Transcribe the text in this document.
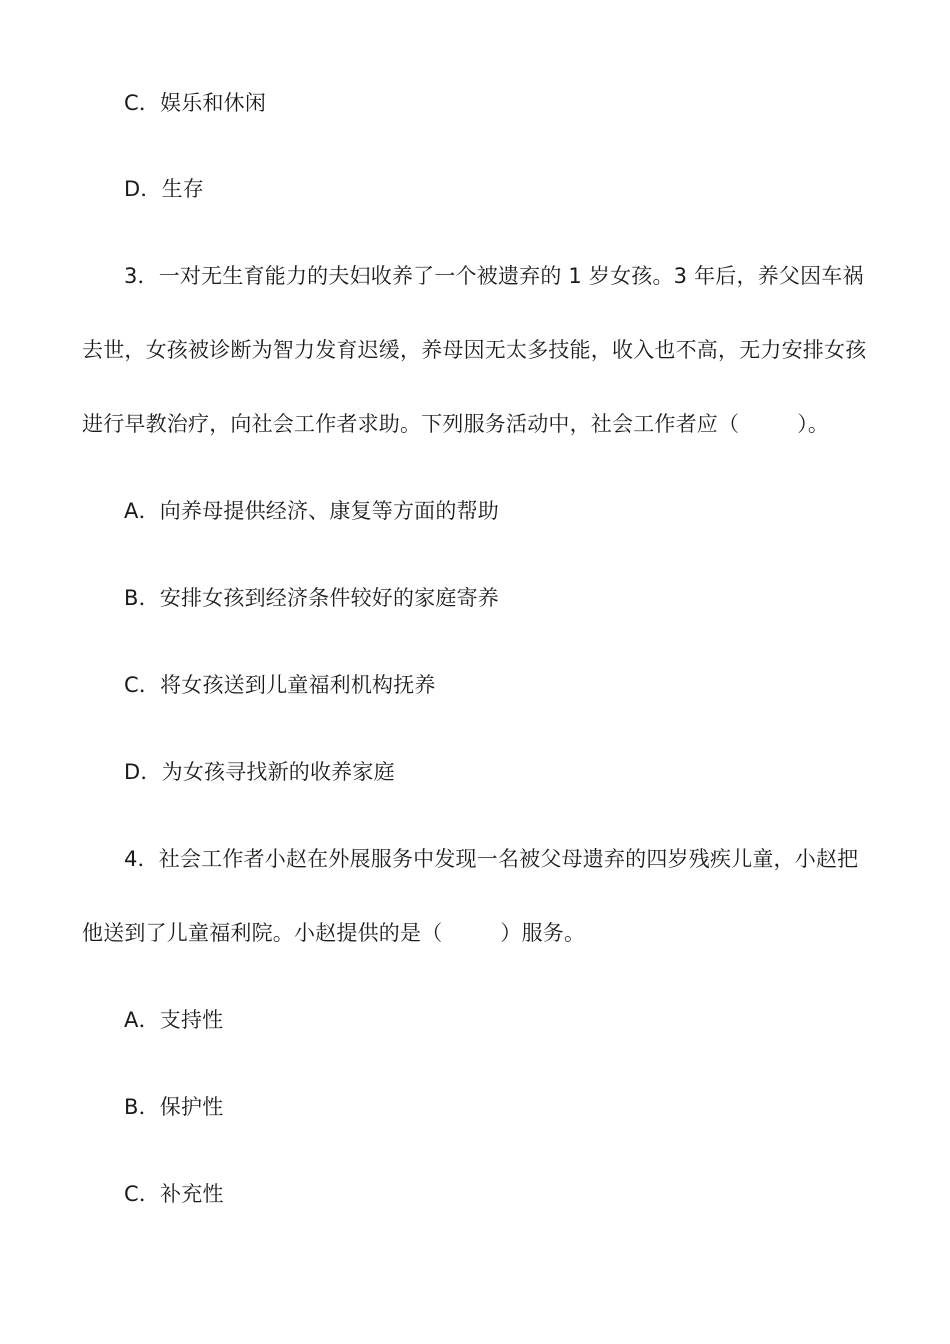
C．娱乐和休闲
D．生存
3．一对无生育能力的夫妇收养了一个被遗弃的 1 岁女孩。3 年后，养父因车祸
去世，女孩被诊断为智力发育迟缓，养母因无太多技能，收入也不高，无力安排女孩
进行早教治疗，向社会工作者求助。下列服务活动中，社会工作者应（	）。
A．向养母提供经济、康复等方面的帮助
B．安排女孩到经济条件较好的家庭寄养
C．将女孩送到儿童福利机构抚养
D．为女孩寻找新的收养家庭
4．社会工作者小赵在外展服务中发现一名被父母遗弃的四岁残疾儿童，小赵把
他送到了儿童福利院。小赵提供的是（	）服务。
A．支持性
B．保护性
C．补充性
